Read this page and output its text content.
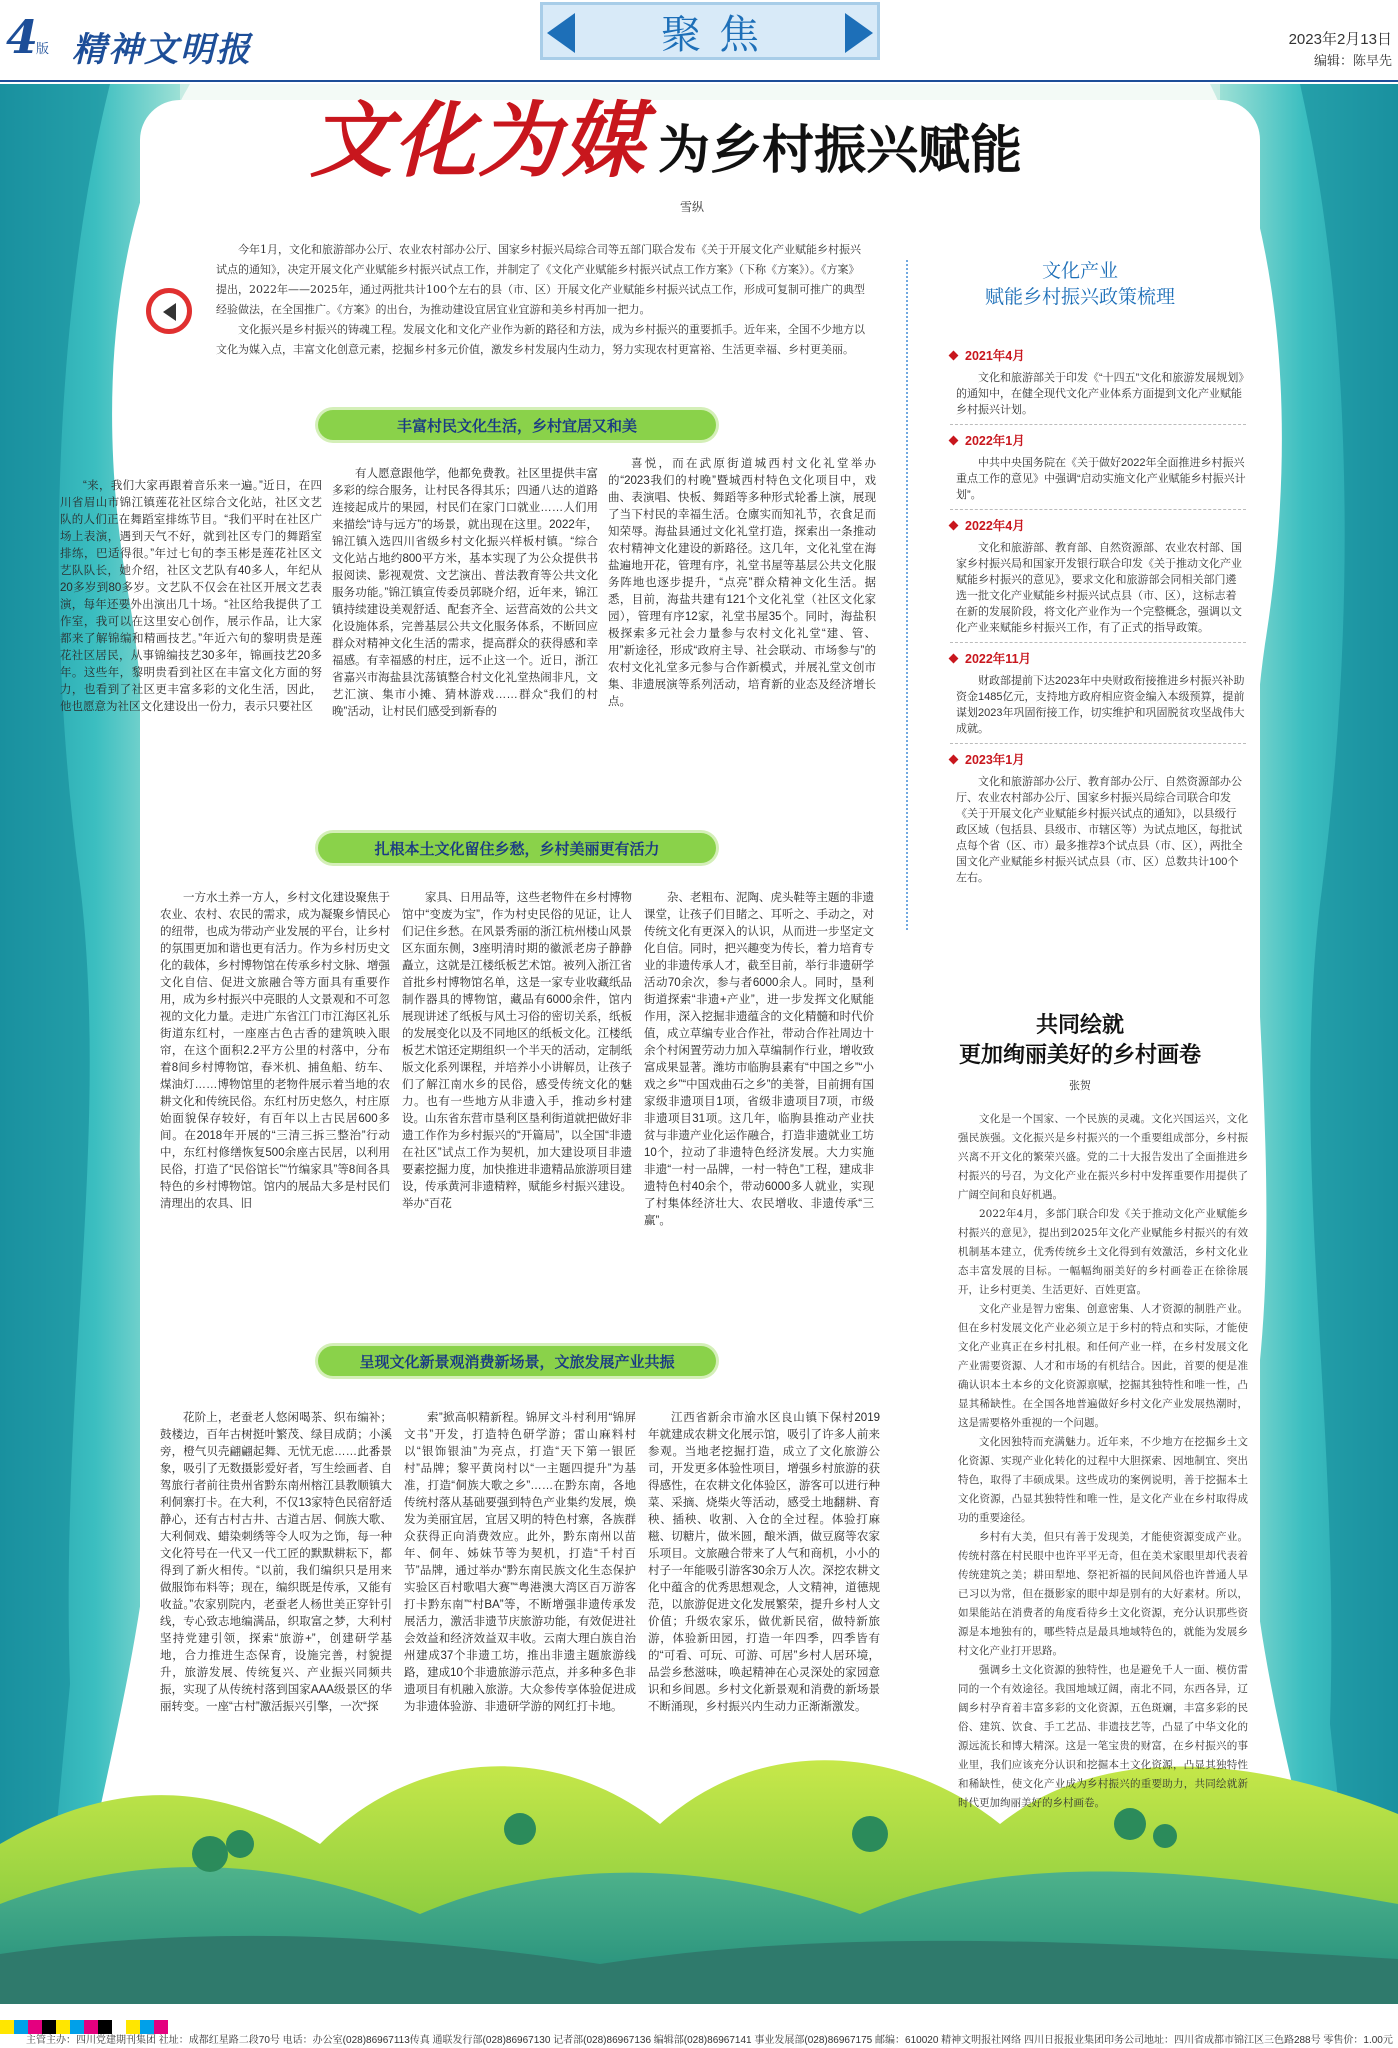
4
版 精神文明报	聚焦	2023年2月13日
编辑：陈早先
文化为媒 为乡村振兴赋能
雪纵

今年1月，文化和旅游部办公厅、农业农村部办公厅、国家乡村振兴局综合司等五部门联合发布《关于开展文化产业赋能乡村振兴试点的通知》，决定开展文化产业赋能乡村振兴试点工作，并制定了《文化产业赋能乡村振兴试点工作方案》（下称《方案》）。《方案》提出，2022年——2025年，通过两批共计100个左右的县（市、区）开展文化产业赋能乡村振兴试点工作，形成可复制可推广的典型经验做法，在全国推广。《方案》的出台，为推动建设宜居宜业宜游和美乡村再加一把力。

文化振兴是乡村振兴的铸魂工程。发展文化和文化产业作为新的路径和方法，成为乡村振兴的重要抓手。近年来，全国不少地方以文化为媒入点，丰富文化创意元素，挖掘乡村多元价值，激发乡村发展内生动力，努力实现农村更富裕、生活更幸福、乡村更美丽。

丰富村民文化生活，乡村宜居又和美

“来，我们大家再跟着音乐来一遍。”近日，在四川省眉山市锦江镇莲花社区综合文化站，社区文艺队的人们正在舞蹈室排练节目。“我们平时在社区广场上表演，遇到天气不好，就到社区专门的舞蹈室排练，巴适得很。”年过七旬的李玉彬是莲花社区文艺队队长，她介绍，社区文艺队有40多人，年纪从20多岁到80多岁。文艺队不仅会在社区开展文艺表演，每年还要外出演出几十场。“社区给我提供了工作室，我可以在这里安心创作，展示作品，让大家都来了解锦编和精画技艺。”年近六旬的黎明贵是莲花社区居民，从事锦编技艺30多年，锦画技艺20多年。这些年，黎明贵看到社区在丰富文化方面的努力，也看到了社区更丰富多彩的文化生活，因此，他也愿意为社区文化建设出一份力，表示只要社区

有人愿意跟他学，他都免费教。社区里提供丰富多彩的综合服务，让村民各得其乐；四通八达的道路连接起成片的果园，村民们在家门口就业……人们用来描绘“诗与远方”的场景，就出现在这里。2022年，锦江镇入选四川省级乡村文化振兴样板村镇。“综合文化站占地约800平方米，基本实现了为公众提供书报阅读、影视观赏、文艺演出、普法教育等公共文化服务功能。”锦江镇宣传委员郭晓介绍，近年来，锦江镇持续建设美观舒适、配套齐全、运营高效的公共文化设施体系，完善基层公共文化服务体系，不断回应群众对精神文化生活的需求，提高群众的获得感和幸福感。有幸福感的村庄，远不止这一个。近日，浙江省嘉兴市海盐县沈荡镇整合村文化礼堂热闹非凡，文艺汇演、集市小摊、猜林游戏……群众“我们的村晚”活动，让村民们感受到新春的

喜悦，而在武原街道城西村文化礼堂举办的“2023我们的村晚”暨城西村特色文化项目中，戏曲、表演唱、快板、舞蹈等多种形式轮番上演，展现了当下村民的幸福生活。仓廪实而知礼节，衣食足而知荣辱。海盐县通过文化礼堂打造，探索出一条推动农村精神文化建设的新路径。这几年，文化礼堂在海盐遍地开花，管理有序，礼堂书屋等基层公共文化服务阵地也逐步提升，“点亮”群众精神文化生活。据悉，目前，海盐共建有121个文化礼堂（社区文化家园），管理有序12家，礼堂书屋35个。同时，海盐积极探索多元社会力量参与农村文化礼堂“建、管、用”新途径，形成“政府主导、社会联动、市场参与”的农村文化礼堂多元参与合作新模式，并展礼堂文创市集、非遗展演等系列活动，培育新的业态及经济增长点。

扎根本土文化留住乡愁，乡村美丽更有活力

一方水土养一方人，乡村文化建设聚焦于农业、农村、农民的需求，成为凝聚乡情民心的纽带，也成为带动产业发展的平台，让乡村的氛围更加和谐也更有活力。作为乡村历史文化的载体，乡村博物馆在传承乡村文脉、增强文化自信、促进文旅融合等方面具有重要作用，成为乡村振兴中亮眼的人文景观和不可忽视的文化力量。走进广东省江门市江海区礼乐街道东红村，一座座古色古香的建筑映入眼帘，在这个面积2.2平方公里的村落中，分布着8间乡村博物馆，春米机、捕鱼船、纺车、煤油灯……博物馆里的老物件展示着当地的农耕文化和传统民俗。东红村历史悠久，村庄原始面貌保存较好，有百年以上古民居600多间。在2018年开展的“三清三拆三整治”行动中，东红村修缮恢复500余座古民居，以利用民俗，打造了“民俗馆长”“竹编家具”等8间各具特色的乡村博物馆。馆内的展品大多是村民们清理出的农具、旧

家具、日用品等，这些老物件在乡村博物馆中“变废为宝”，作为村史民俗的见证，让人们记住乡愁。在风景秀丽的浙江杭州楼山风景区东面东侧，3座明清时期的徽派老房子静静矗立，这就是江楼纸板艺术馆。被列入浙江省首批乡村博物馆名单，这是一家专业收藏纸品制作器具的博物馆，藏品有6000余件，馆内展现讲述了纸板与风土习俗的密切关系，纸板的发展变化以及不同地区的纸板文化。江楼纸板艺术馆还定期组织一个半天的活动，定制纸版文化系列课程，并培养小小讲解员，让孩子们了解江南水乡的民俗，感受传统文化的魅力。也有一些地方从非遗入手，推动乡村建设。山东省东营市垦利区垦利街道就把做好非遗工作作为乡村振兴的“开篇局”，以全国“非遗在社区”试点工作为契机，加大建设项目非遗要素挖掘力度，加快推进非遗精品旅游项目建设，传承黄河非遗精粹，赋能乡村振兴建设。举办“百花

杂、老粗布、泥陶、虎头鞋等主题的非遗课堂，让孩子们目睹之、耳听之、手动之，对传统文化有更深入的认识，从而进一步坚定文化自信。同时，把兴趣变为传长，着力培育专业的非遗传承人才，截至目前，举行非遗研学活动70余次，参与者6000余人。同时，垦利街道探索“非遗+产业”，进一步发挥文化赋能作用，深入挖掘非遗蕴含的文化精髓和时代价值，成立草编专业合作社，带动合作社周边十余个村闲置劳动力加入草编制作行业，增收致富成果显著。潍坊市临朐县素有“中国之乡”“小戏之乡”“中国戏曲石之乡”的美誉，目前拥有国家级非遗项目1项，省级非遗项目7项，市级非遗项目31项。这几年，临朐县推动产业扶贫与非遗产业化运作融合，打造非遗就业工坊10个，拉动了非遗特色经济发展。大力实施非遗“一村一品牌，一村一特色”工程，建成非遗特色村40余个，带动6000多人就业，实现了村集体经济壮大、农民增收、非遗传承“三赢”。

呈现文化新景观消费新场景，文旅发展产业共振

花阶上，老蚕老人悠闲喝茶、织布编补；鼓楼边，百年古树挺叶繁茂、绿目成荫；小溪旁，橙气贝壳翩翩起舞、无忧无虑……此番景象，吸引了无数摄影爱好者，写生绘画者、自驾旅行者前往贵州省黔东南州榕江县教顺镇大利侗寨打卡。在大利，不仅13家特色民宿舒适静心，还有古村古井、古道古居、侗族大歌、大利侗戏、蜡染刺绣等令人叹为之饰，每一种文化符号在一代又一代工匠的默默耕耘下，都得到了新火相传。“以前，我们编织只是用来做服饰布料等；现在，编织既是传承，又能有收益。”农家别院内，老蚕老人杨世美正穿针引线，专心致志地编满品，织取富之梦，大利村坚持党建引领，探索“旅游+”，创建研学基地，合力推进生态保育，设施完善，村貌提升，旅游发展、传统复兴、产业振兴同频共振，实现了从传统村落到国家AAA级景区的华丽转变。一座“古村”激活振兴引擎，一次“探

索”掀高帜精新程。锦屏文斗村利用“锦屏文书”开发，打造特色研学游；雷山麻料村以“银饰银油”为亮点，打造“天下第一银匠村”品牌；黎平黄岗村以“一主题四提升”为基准，打造“侗族大歌之乡”……在黔东南，各地传统村落从基础要强到特色产业集约发展，焕发为美丽宜居，宜居又明的特色村寨，各族群众获得正向消费效应。此外，黔东南州以苗年、侗年、姊妹节等为契机，打造“千村百节”品牌，通过举办“黔东南民族文化生态保护实验区百村歌唱大赛”“粤港澳大湾区百万游客打卡黔东南”“村BA”等，不断增强非遗传承发展活力，激活非遗节庆旅游功能，有效促进社会效益和经济效益双丰收。云南大理白族自治州建成37个非遗工坊，推出非遗主题旅游线路，建成10个非遗旅游示范点，并多种多色非遗项目有机融入旅游。大众参传享体验促进成为非遗体验游、非遗研学游的网红打卡地。

江西省新余市渝水区良山镇下保村2019年就建成农耕文化展示馆，吸引了许多人前来参观。当地老挖掘打造，成立了文化旅游公司，开发更多体验性项目，增强乡村旅游的获得感性，在农耕文化体验区，游客可以进行种菜、采摘、烧柴火等活动，感受土地翻耕、育秧、插秧、收割、入仓的全过程。体验打麻糍、切糖片，做米圆，酿米酒，做豆腐等农家乐项目。文旅融合带来了人气和商机，小小的村子一年能吸引游客30余万人次。深挖农耕文化中蕴含的优秀思想观念，人文精神，道德规范，以旅游促进文化发展繁荣，提升乡村人文价值；升级农家乐，做优新民宿，做特新旅游，体验新田园，打造一年四季，四季皆有的“可看、可玩、可游、可居”乡村人居环境，品尝乡愁滋味，唤起精神在心灵深处的家园意识和乡间恩。乡村文化新景观和消费的新场景不断涌现，乡村振兴内生动力正渐渐激发。

文化产业
赋能乡村振兴政策梳理
2021年4月
文化和旅游部关于印发《“十四五”文化和旅游发展规划》的通知中，在健全现代文化产业体系方面提到文化产业赋能乡村振兴计划。
2022年1月
中共中央国务院在《关于做好2022年全面推进乡村振兴重点工作的意见》中强调“启动实施文化产业赋能乡村振兴计划”。
2022年4月
文化和旅游部、教育部、自然资源部、农业农村部、国家乡村振兴局和国家开发银行联合印发《关于推动文化产业赋能乡村振兴的意见》，要求文化和旅游部会同相关部门遴选一批文化产业赋能乡村振兴试点县（市、区），这标志着在新的发展阶段，将文化产业作为一个完整概念，强调以文化产业来赋能乡村振兴工作，有了正式的指导政策。
2022年11月
财政部提前下达2023年中央财政衔接推进乡村振兴补助资金1485亿元，支持地方政府相应资金编入本级预算，提前谋划2023年巩固衔接工作，切实维护和巩固脱贫攻坚战伟大成就。
2023年1月
文化和旅游部办公厅、教育部办公厅、自然资源部办公厅、农业农村部办公厅、国家乡村振兴局综合司联合印发《关于开展文化产业赋能乡村振兴试点的通知》，以县级行政区域（包括县、县级市、市辖区等）为试点地区，每批试点每个省（区、市）最多推荐3个试点县（市、区），两批全国文化产业赋能乡村振兴试点县（市、区）总数共计100个左右。
共同绘就
更加绚丽美好的乡村画卷
张贺

文化是一个国家、一个民族的灵魂。文化兴国运兴，文化强民族强。文化振兴是乡村振兴的一个重要组成部分，乡村振兴离不开文化的繁荣兴盛。党的二十大报告发出了全面推进乡村振兴的号召，为文化产业在振兴乡村中发挥重要作用提供了广阔空间和良好机遇。

2022年4月，多部门联合印发《关于推动文化产业赋能乡村振兴的意见》，提出到2025年文化产业赋能乡村振兴的有效机制基本建立，优秀传统乡土文化得到有效激活，乡村文化业态丰富发展的目标。一幅幅绚丽美好的乡村画卷正在徐徐展开，让乡村更美、生活更好、百姓更富。

文化产业是智力密集、创意密集、人才资源的制胜产业。但在乡村发展文化产业必须立足于乡村的特点和实际，才能使文化产业真正在乡村扎根。和任何产业一样，在乡村发展文化产业需要资源、人才和市场的有机结合。因此，首要的便是准确认识本土本乡的文化资源禀赋，挖掘其独特性和唯一性，凸显其稀缺性。在全国各地普遍做好乡村文化产业发展热潮时，这是需要格外重视的一个问题。

文化因独特而充满魅力。近年来，不少地方在挖掘乡土文化资源、实现产业化转化的过程中大胆探索、因地制宜、突出特色，取得了丰硕成果。这些成功的案例说明，善于挖掘本土文化资源，凸显其独特性和唯一性，是文化产业在乡村取得成功的重要途径。

乡村有大美，但只有善于发现美，才能使资源变成产业。传统村落在村民眼中也许平平无奇，但在美术家眼里却代表着传统建筑之美；耕田犁地、祭祀祈福的民间风俗也许普通人早已习以为常，但在摄影家的眼中却是别有的大好素材。所以，如果能站在消费者的角度看待乡土文化资源，充分认识那些资源是本地独有的，哪些特点是最具地域特色的，就能为发展乡村文化产业打开思路。

强调乡土文化资源的独特性，也是避免千人一面、模仿雷同的一个有效途径。我国地域辽阔，南北不同，东西各异，辽阔乡村孕育着丰富多彩的文化资源，五色斑斓，丰富多彩的民俗、建筑、饮食、手工艺品、非遗技艺等，凸显了中华文化的源远流长和博大精深。这是一笔宝贵的财富，在乡村振兴的事业里，我们应该充分认识和挖掘本土文化资源，凸显其独特性和稀缺性，使文化产业成为乡村振兴的重要助力，共同绘就新时代更加绚丽美好的乡村画卷。

主管主办：四川党建期刊集团 社址：成都红星路二段70号 电话：办公室(028)86967113传真 通联发行部(028)86967130 记者部(028)86967136 编辑部(028)86967141 事业发展部(028)86967175 邮编：610020 精神文明报社网络 四川日报报业集团印务公司地址：四川省成都市锦江区三色路288号 零售价：1.00元
